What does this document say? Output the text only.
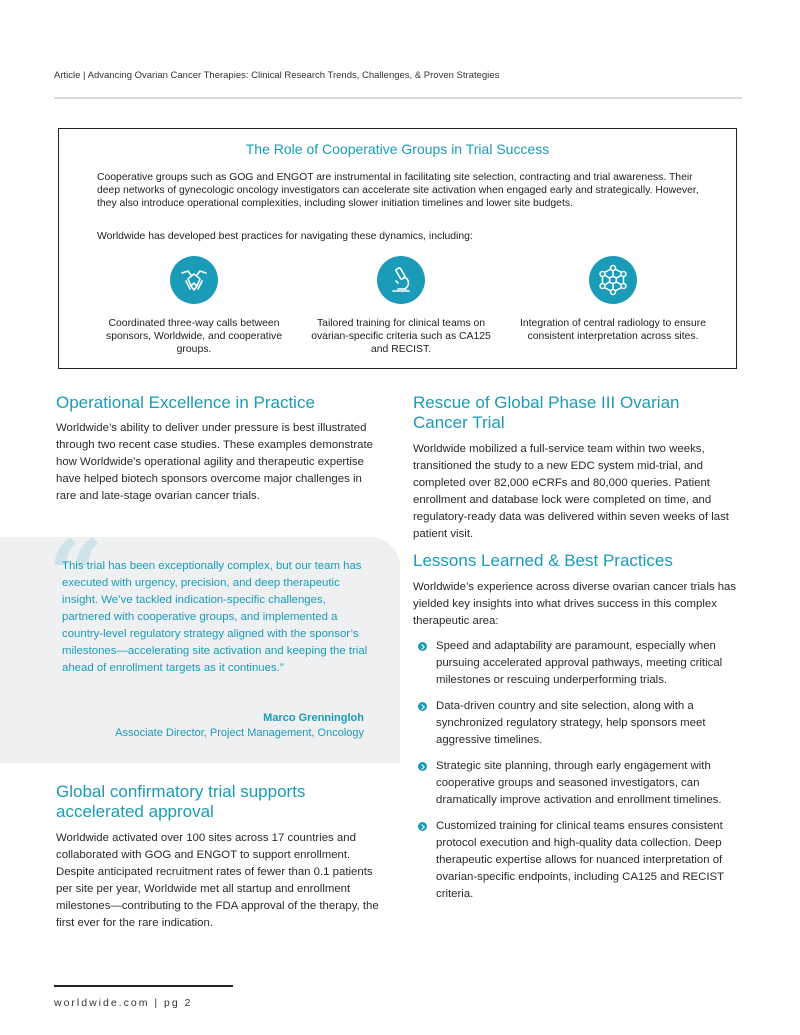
Article | Advancing Ovarian Cancer Therapies: Clinical Research Trends, Challenges, & Proven Strategies
The Role of Cooperative Groups in Trial Success
Cooperative groups such as GOG and ENGOT are instrumental in facilitating site selection, contracting and trial awareness. Their deep networks of gynecologic oncology investigators can accelerate site activation when engaged early and strategically. However, they also introduce operational complexities, including slower initiation timelines and lower site budgets.
Worldwide has developed best practices for navigating these dynamics, including:
Coordinated three-way calls between sponsors, Worldwide, and cooperative groups.
Tailored training for clinical teams on ovarian-specific criteria such as CA125 and RECIST.
Integration of central radiology to ensure consistent interpretation across sites.
Operational Excellence in Practice
Worldwide’s ability to deliver under pressure is best illustrated through two recent case studies. These examples demonstrate how Worldwide’s operational agility and therapeutic expertise have helped biotech sponsors overcome major challenges in rare and late-stage ovarian cancer trials.
“
This trial has been exceptionally complex, but our team has executed with urgency, precision, and deep therapeutic insight. We’ve tackled indication-specific challenges, partnered with cooperative groups, and implemented a country-level regulatory strategy aligned with the sponsor’s milestones—accelerating site activation and keeping the trial ahead of enrollment targets as it continues.”
Marco Grenningloh
Associate Director, Project Management, Oncology
Global confirmatory trial supports accelerated approval
Worldwide activated over 100 sites across 17 countries and collaborated with GOG and ENGOT to support enrollment. Despite anticipated recruitment rates of fewer than 0.1 patients per site per year, Worldwide met all startup and enrollment milestones—contributing to the FDA approval of the therapy, the first ever for the rare indication.
Rescue of Global Phase III Ovarian Cancer Trial
Worldwide mobilized a full-service team within two weeks, transitioned the study to a new EDC system mid-trial, and completed over 82,000 eCRFs and 80,000 queries. Patient enrollment and database lock were completed on time, and regulatory-ready data was delivered within seven weeks of last patient visit.
Lessons Learned & Best Practices
Worldwide’s experience across diverse ovarian cancer trials has yielded key insights into what drives success in this complex therapeutic area:
Speed and adaptability are paramount, especially when pursuing accelerated approval pathways, meeting critical milestones or rescuing underperforming trials.
Data-driven country and site selection, along with a synchronized regulatory strategy, help sponsors meet aggressive timelines.
Strategic site planning, through early engagement with cooperative groups and seasoned investigators, can dramatically improve activation and enrollment timelines.
Customized training for clinical teams ensures consistent protocol execution and high-quality data collection. Deep therapeutic expertise allows for nuanced interpretation of ovarian-specific endpoints, including CA125 and RECIST criteria.
worldwide.com | pg 2
